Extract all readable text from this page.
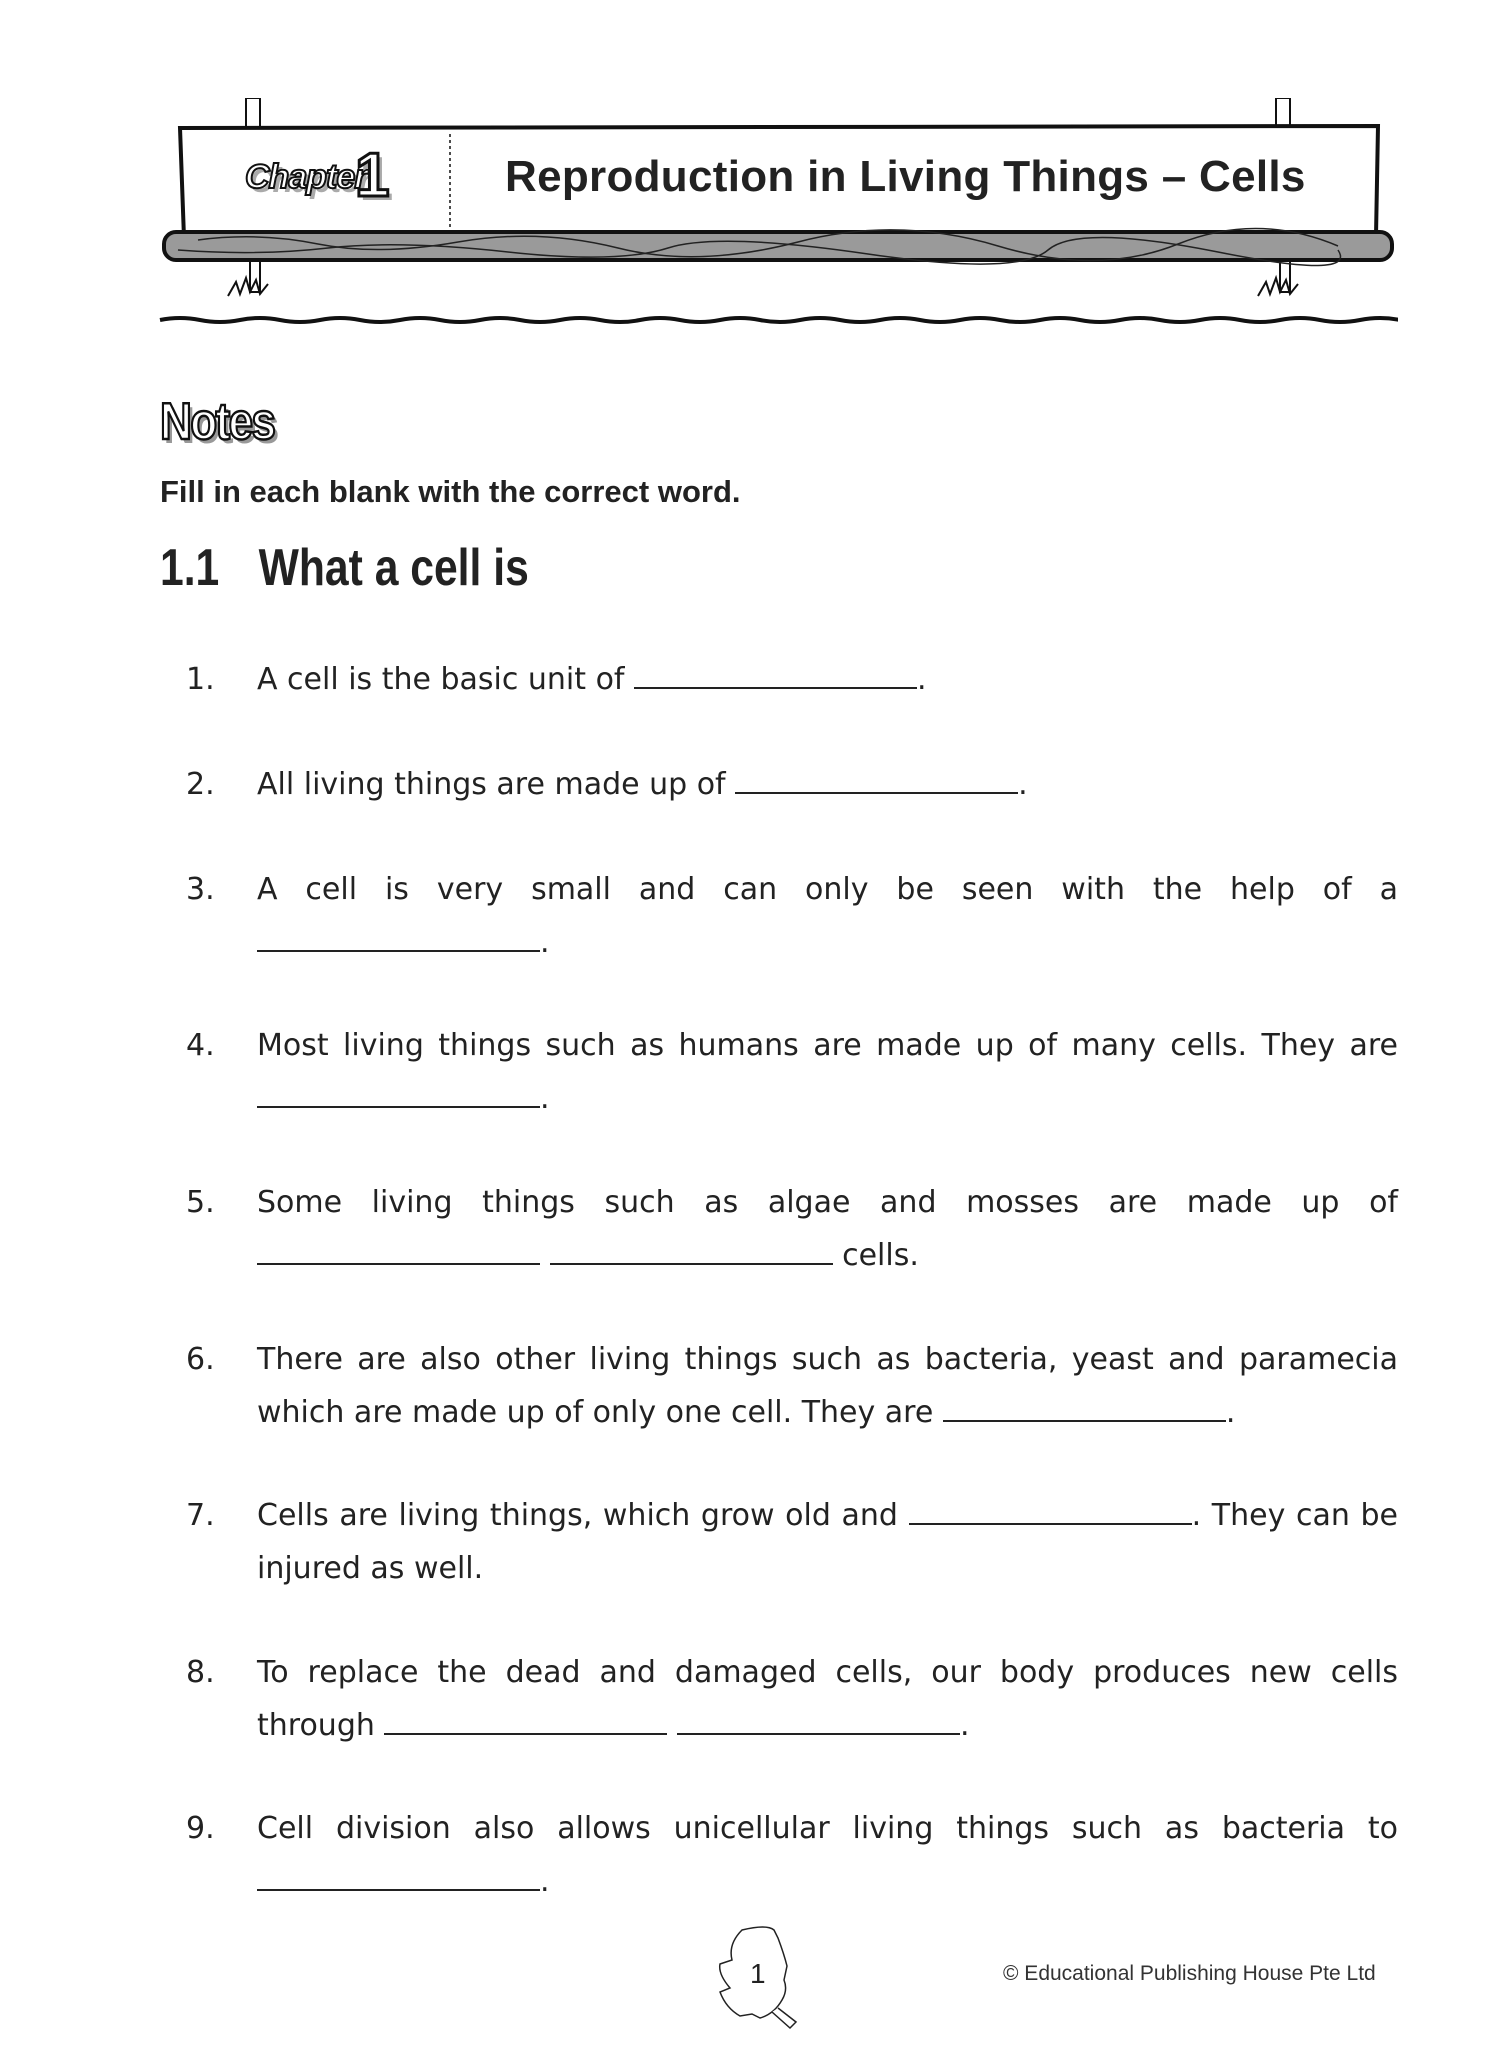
Chapter
1	Reproduction in Living Things – Cells
Notes
Fill in each blank with the correct word.
1.1 What a cell is
1. A cell is the basic unit of	.
2. All living things are made up of	.
3. A cell is very small and can only be seen with the help of a .
4. Most living things such as humans are made up of many cells. They are .
5. Some living things such as algae and mosses are made up of   cells.
6. There are also other living things such as bacteria, yeast and paramecia which are made up of only one cell. They are	.
7. Cells are living things, which grow old and	. They can be injured as well.
8. To replace the dead and damaged cells, our body produces new cells through	.
9. Cell division also allows unicellular living things such as bacteria to .
1	© Educational Publishing House Pte Ltd
